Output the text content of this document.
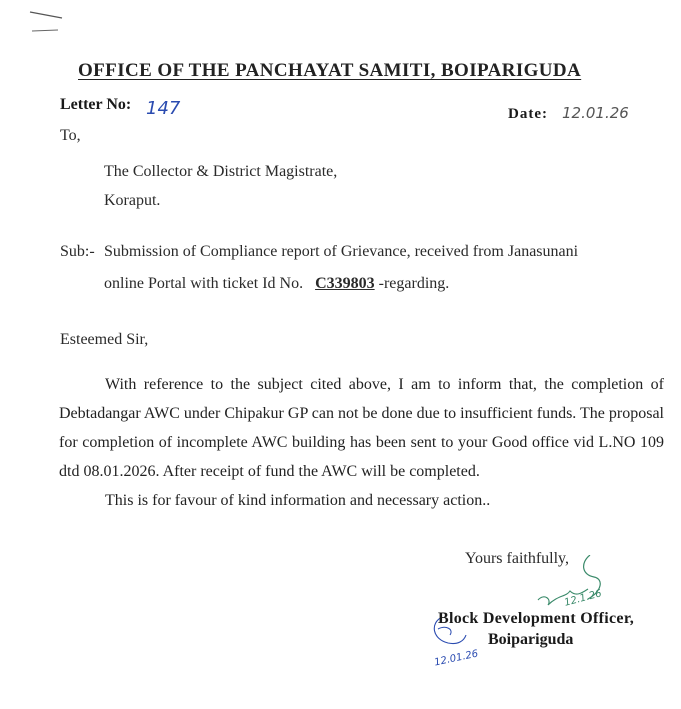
OFFICE OF THE PANCHAYAT SAMITI, BOIPARIGUDA
Letter No: 147	Date: 12.01.26
To,
The Collector & District Magistrate,
Koraput.
Sub:- Submission of Compliance report of Grievance, received from Janasunani
online Portal with ticket Id No. C339803 -regarding.
Esteemed Sir,

With reference to the subject cited above, I am to inform that, the completion of Debtadangar AWC under Chipakur GP can not be done due to insufficient funds. The proposal for completion of incomplete AWC building has been sent to your Good office vid L.NO 109 dtd 08.01.2026. After receipt of fund the AWC will be completed.

This is for favour of kind information and necessary action..

Yours faithfully,
12.1.26
Block Development Officer,
Boipariguda
12.01.26
